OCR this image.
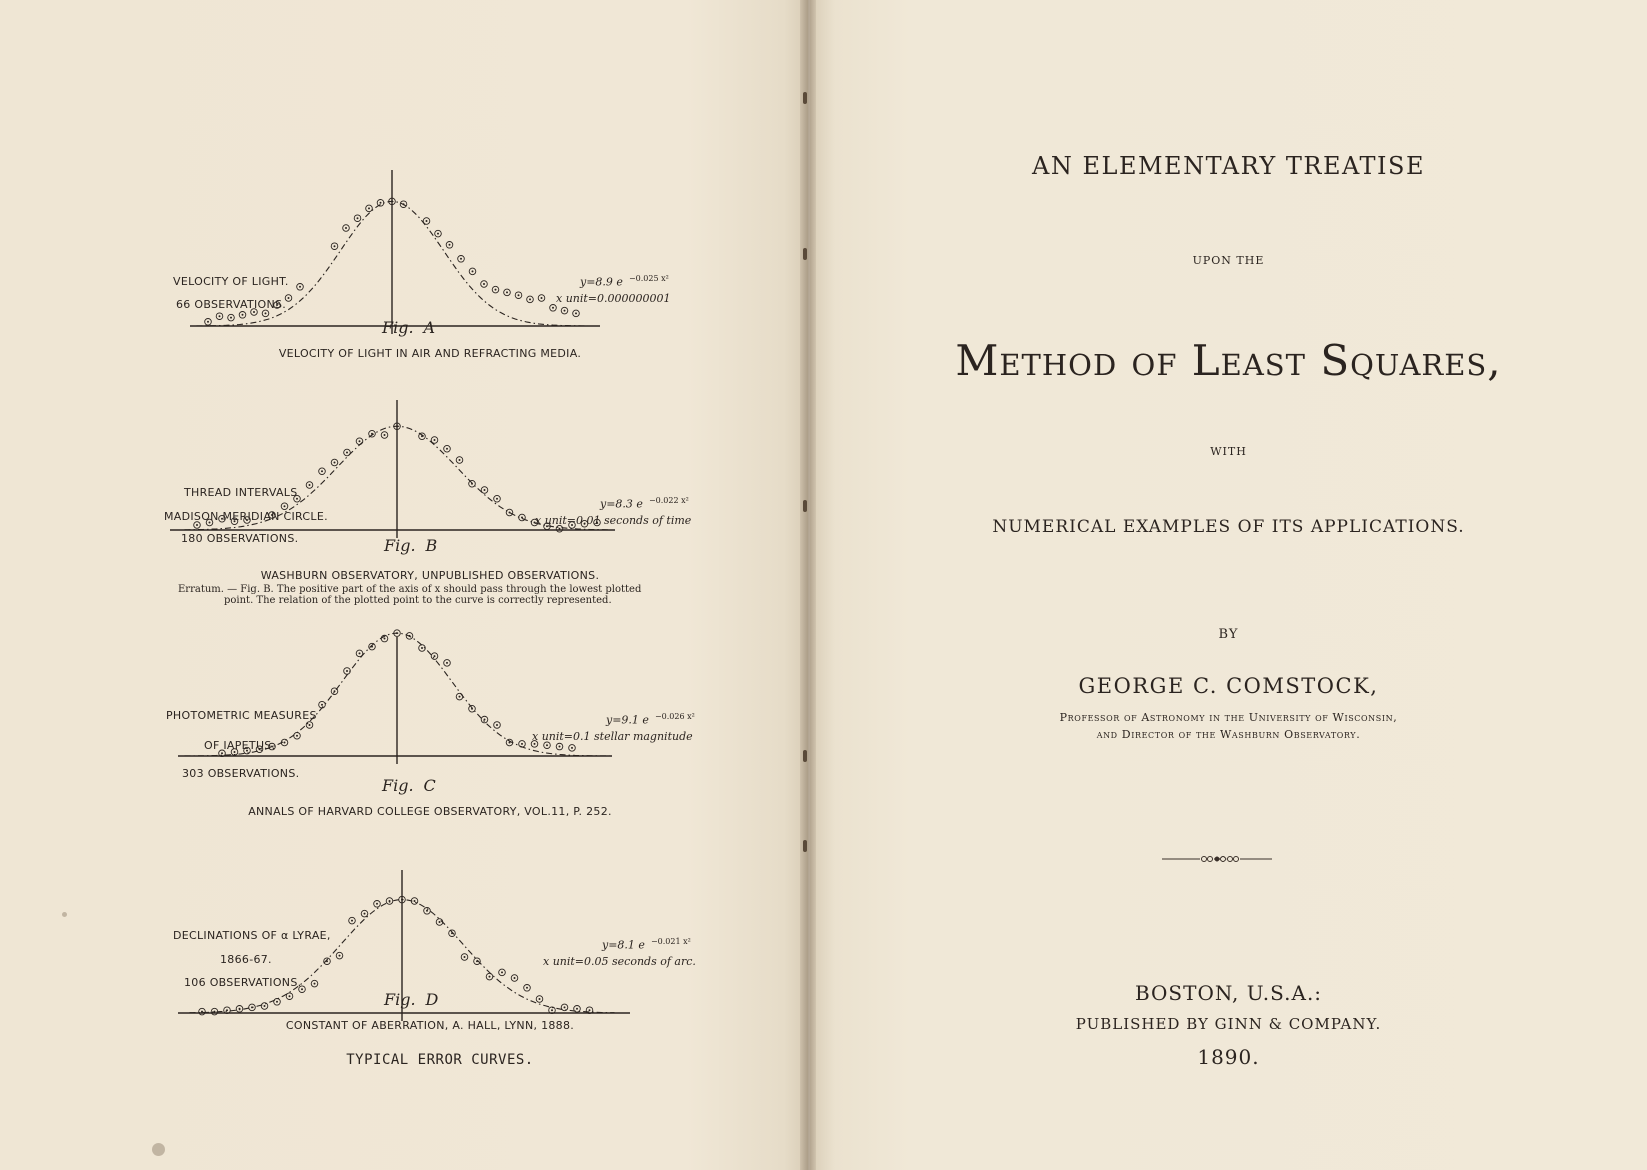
VELOCITY OF LIGHT.
66 OBSERVATIONS.
y=8.9 e $^{-0.025 x^2}$
x unit=0.000000001
Fig. A
VELOCITY OF LIGHT IN AIR AND REFRACTING MEDIA.
THREAD INTERVALS
MADISON MERIDIAN CIRCLE.
180 OBSERVATIONS.
y=8.3 e $^{-0.022 x^2}$
x unit=0.01 seconds of time
Fig. B
WASHBURN OBSERVATORY, UNPUBLISHED OBSERVATIONS.
Erratum. — Fig. B. The positive part of the axis of x should pass through the lowest plotted
point. The relation of the plotted point to the curve is correctly represented.
PHOTOMETRIC MEASURES
OF IAPETUS.
303 OBSERVATIONS.
y=9.1 e $^{-0.026 x^2}$
x unit=0.1 stellar magnitude
Fig. C
ANNALS OF HARVARD COLLEGE OBSERVATORY, VOL.11, P. 252.
DECLINATIONS OF α LYRAE,
1866-67.
106 OBSERVATIONS.
y=8.1 e $^{-0.021 x^2}$
x unit=0.05 seconds of arc.
Fig. D
CONSTANT OF ABERRATION, A. HALL, LYNN, 1888.
TYPICAL ERROR CURVES.
AN ELEMENTARY TREATISE
UPON THE
Method of Least Squares,
WITH
NUMERICAL EXAMPLES OF ITS APPLICATIONS.
BY
GEORGE C. COMSTOCK,
Professor of Astronomy in the University of Wisconsin,
and Director of the Washburn Observatory.
BOSTON, U.S.A.:
PUBLISHED BY GINN & COMPANY.
1890.
